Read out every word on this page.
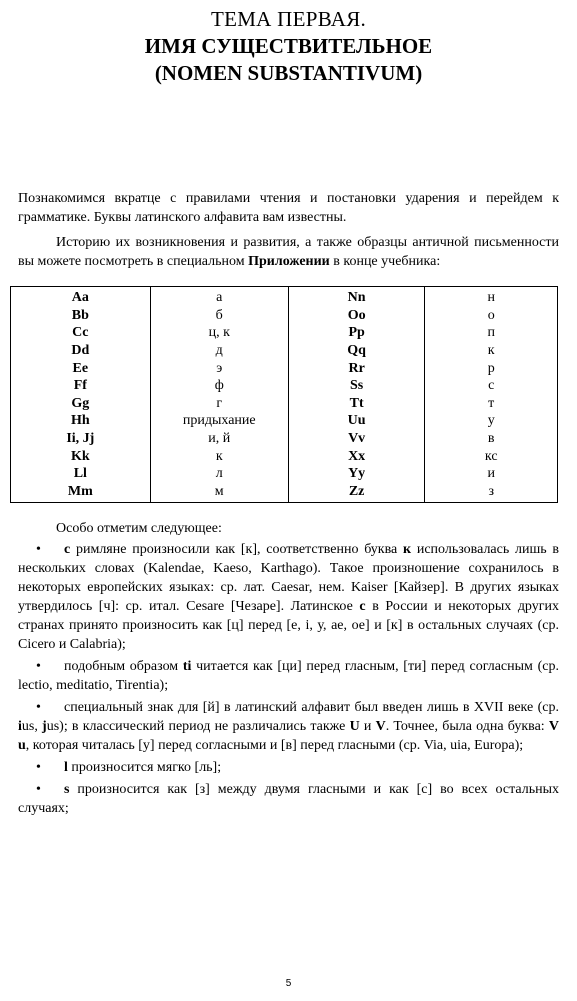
ТЕМА ПЕРВАЯ.
ИМЯ СУЩЕСТВИТЕЛЬНОЕ
(NOMEN SUBSTANTIVUM)
Познакомимся вкратце с правилами чтения и постановки ударения и перейдем к грамматике. Буквы латинского алфавита вам известны.
Историю их возникновения и развития, а также образцы античной письменности вы можете посмотреть в специальном Приложении в конце учебника:
Aa	а	Nn	н
Bb	б	Oo	о
Cc	ц, к	Pp	п
Dd	д	Qq	к
Ee	э	Rr	р
Ff	ф	Ss	с
Gg	г	Tt	т
Hh	придыхание	Uu	у
Ii, Jj	и, й	Vv	в
Kk	к	Xx	кс
Ll	л	Yy	и
Mm	м	Zz	з
Особо отметим следующее:
• c римляне произносили как [к], соответственно буква к использовалась лишь в нескольких словах (Kalendae, Kaeso, Karthago). Такое произношение сохранилось в некоторых европейских языках: ср. лат. Caesar, нем. Kaiser [Кайзер]. В других языках утвердилось [ч]: ср. итал. Cesare [Чезаре]. Латинское c в России и некоторых других странах принято произносить как [ц] перед [е, i, у, ае, ое] и [к] в остальных случаях (ср. Cicero и Calabria);
• подобным образом ti читается как [ци] перед гласным, [ти] перед согласным (ср. lectio, meditatio, Tirentia);
• специальный знак для [й] в латинский алфавит был введен лишь в XVII веке (ср. ius, jus); в классический период не различались также U и V. Точнее, была одна буква: V u, которая читалась [у] перед согласными и [в] перед гласными (ср. Via, uia, Europa);
• l произносится мягко [ль];
• s произносится как [з] между двумя гласными и как [с] во всех остальных случаях;
5
